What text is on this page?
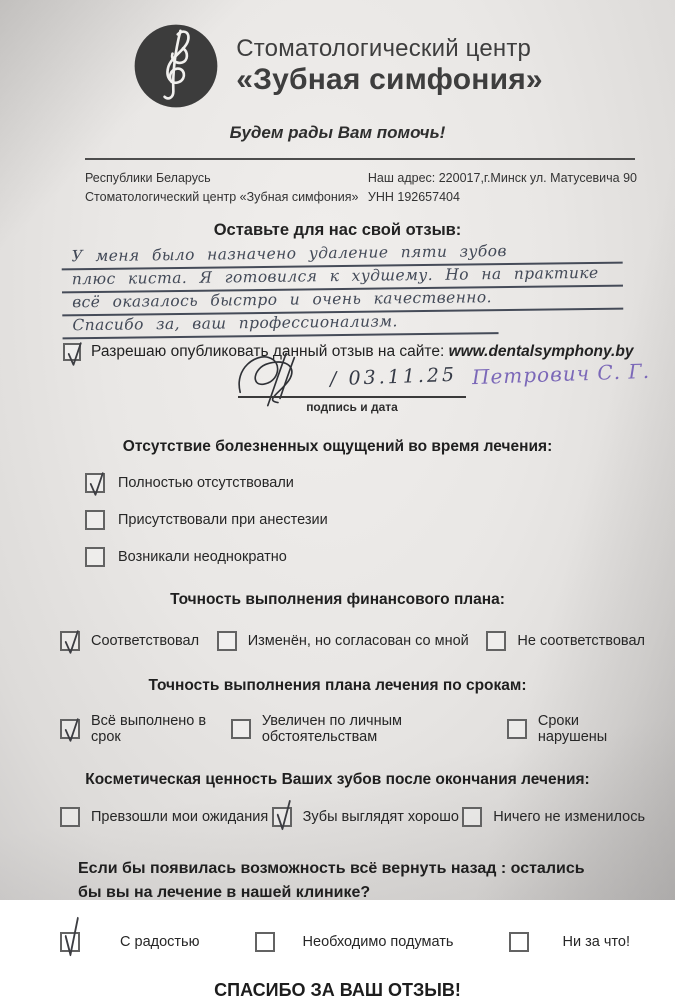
Стоматологический центр
«Зубная симфония»
Будем рады Вам помочь!
Республики Беларусь
Стоматологический центр «Зубная симфония»
Наш адрес: 220017,г.Минск ул. Матусевича 90
УНН 192657404
Оставьте для нас свой отзыв:
У меня было назначено удаление пяти зубов
плюс киста. Я готовился к худшему. Но на практике
всё оказалось быстро и очень качественно.
Спасибо за, ваш профессионализм.
Разрешаю опубликовать данный отзыв на сайте: www.dentalsymphony.by
/ 03.11.25 Петрович С. Г.
подпись и дата
Отсутствие болезненных ощущений во время лечения:
Полностью отсутствовали
Присутствовали при анестезии
Возникали неоднократно
Точность выполнения финансового плана:
Соответствовал	Изменён, но согласован со мной	Не соответствовал
Точность выполнения плана лечения по срокам:
Всё выполнено в срок
Увеличен по личным обстоятельствам
Сроки нарушены
Косметическая ценность Ваших зубов после окончания лечения:
Превзошли мои ожидания Зубы выглядят хорошо Ничего не изменилось
Если бы появилась возможность всё вернуть назад : остались бы вы на лечение в нашей клинике?
С радостью	Необходимо подумать	Ни за что!
СПАСИБО ЗА ВАШ ОТЗЫВ!
